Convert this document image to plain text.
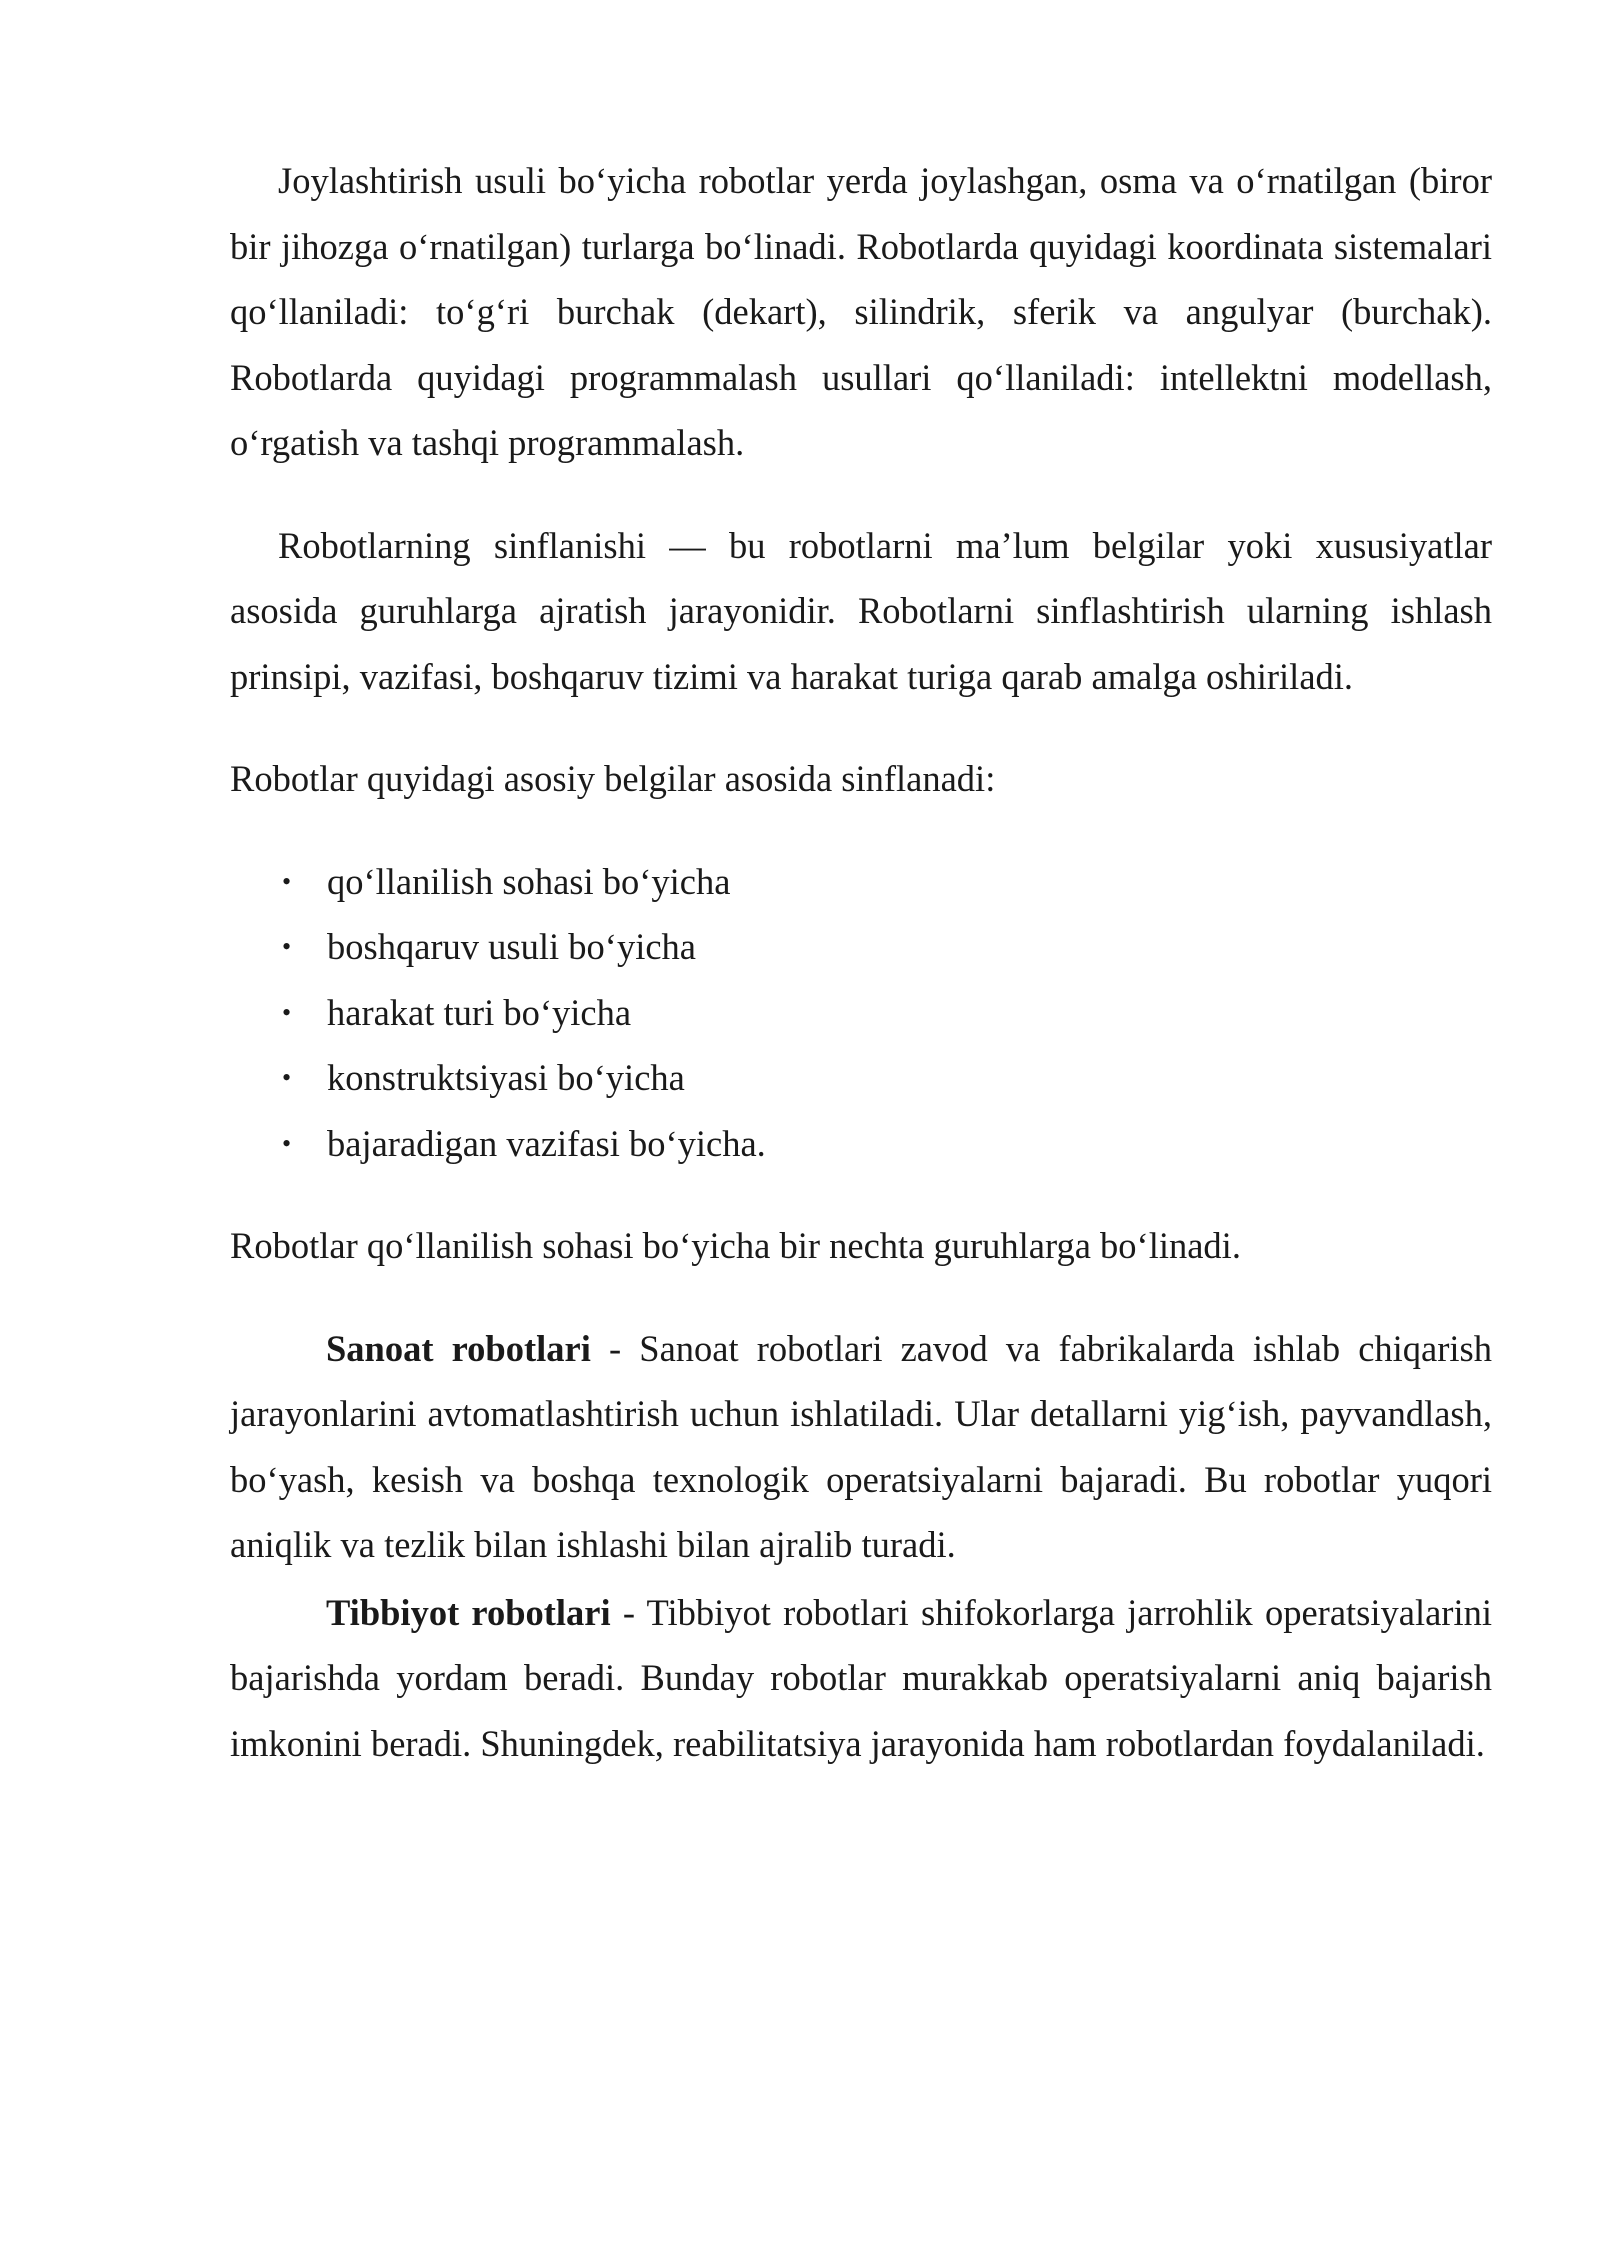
Joylashtirish usuli bo‘yicha robotlar yerda joylashgan, osma va o‘rnatilgan (biror bir jihozga o‘rnatilgan) turlarga bo‘linadi. Robotlarda quyidagi koordinata sistemalari qo‘llaniladi: to‘g‘ri burchak (dekart), silindrik, sferik va angulyar (burchak). Robotlarda quyidagi programmalash usullari qo‘llaniladi: intellektni modellash, o‘rgatish va tashqi programmalash.

Robotlarning sinflanishi — bu robotlarni ma’lum belgilar yoki xususiyatlar asosida guruhlarga ajratish jarayonidir. Robotlarni sinflashtirish ularning ishlash prinsipi, vazifasi, boshqaruv tizimi va harakat turiga qarab amalga oshiriladi.

Robotlar quyidagi asosiy belgilar asosida sinflanadi:

• qo‘llanilish sohasi bo‘yicha
• boshqaruv usuli bo‘yicha
• harakat turi bo‘yicha
• konstruktsiyasi bo‘yicha
• bajaradigan vazifasi bo‘yicha.

Robotlar qo‘llanilish sohasi bo‘yicha bir nechta guruhlarga bo‘linadi.

Sanoat robotlari - Sanoat robotlari zavod va fabrikalarda ishlab chiqarish jarayonlarini avtomatlashtirish uchun ishlatiladi. Ular detallarni yig‘ish, payvandlash, bo‘yash, kesish va boshqa texnologik operatsiyalarni bajaradi. Bu robotlar yuqori aniqlik va tezlik bilan ishlashi bilan ajralib turadi.

Tibbiyot robotlari - Tibbiyot robotlari shifokorlarga jarrohlik operatsiyalarini bajarishda yordam beradi. Bunday robotlar murakkab operatsiyalarni aniq bajarish imkonini beradi. Shuningdek, reabilitatsiya jarayonida ham robotlardan foydalaniladi.
